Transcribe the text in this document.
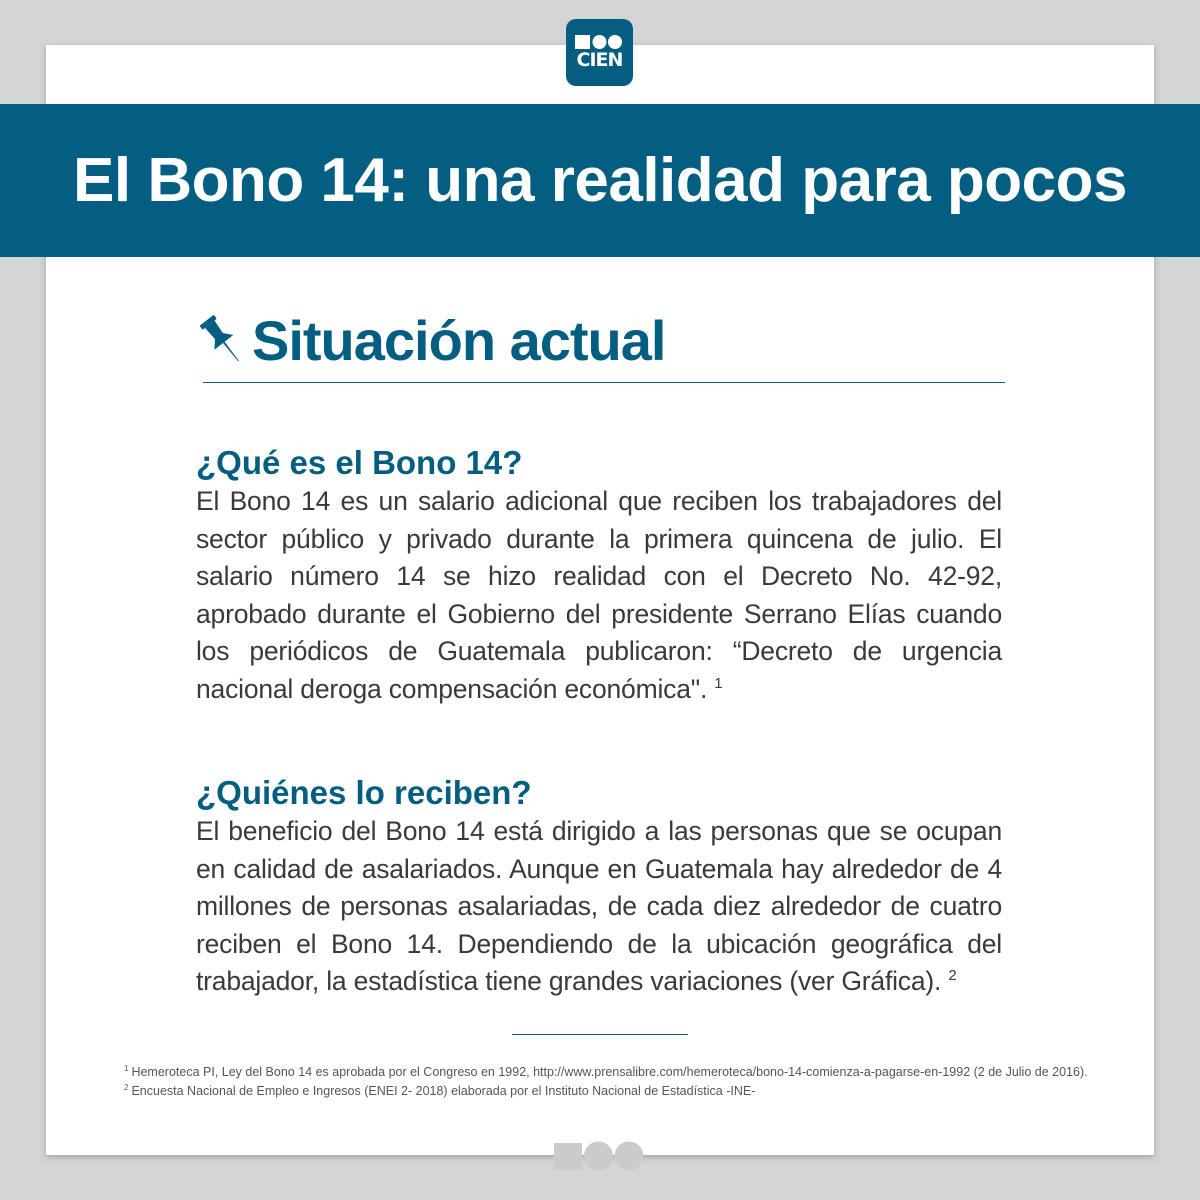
CIEN
El Bono 14: una realidad para pocos
Situación actual
¿Qué es el Bono 14?

El Bono 14 es un salario adicional que reciben los trabajadores del sector público y privado durante la primera quincena de julio. El salario número 14 se hizo realidad con el Decreto No. 42-92, aprobado durante el Gobierno del presidente Serrano Elías cuando los periódicos de Guatemala publicaron: “Decreto de urgencia nacional deroga compensación económica". $^1$

¿Quiénes lo reciben?

El beneficio del Bono 14 está dirigido a las personas que se ocupan en calidad de asalariados. Aunque en Guatemala hay alrededor de 4 millones de personas asalariadas, de cada diez alrededor de cuatro reciben el Bono 14. Dependiendo de la ubicación geográfica del trabajador, la estadística tiene grandes variaciones (ver Gráfica). $^2$

$^1$ Hemeroteca PI, Ley del Bono 14 es aprobada por el Congreso en 1992, http://www.prensalibre.com/hemeroteca/bono-14-comienza-a-pagarse-en-1992 (2 de Julio de 2016).
$^2$ Encuesta Nacional de Empleo e Ingresos (ENEI 2- 2018) elaborada por el Instituto Nacional de Estadística -INE-
